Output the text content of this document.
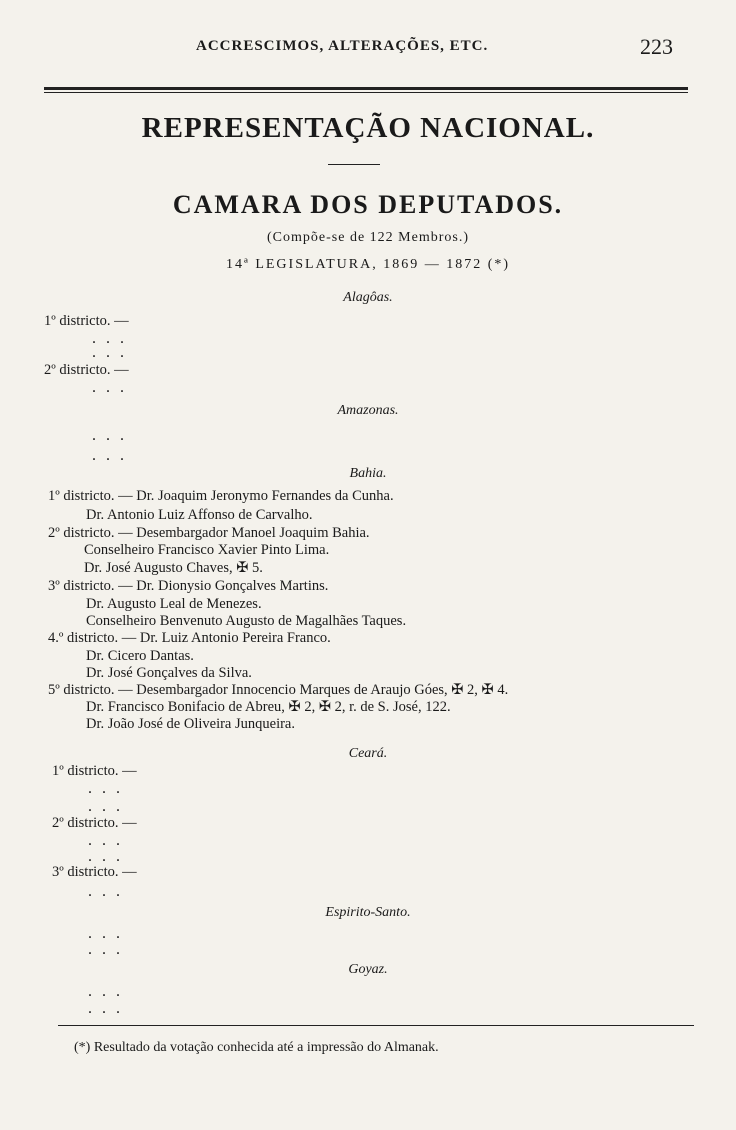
ACCRESCIMOS, ALTERAÇÕES, ETC.	223
REPRESENTAÇÃO NACIONAL.
CAMARA DOS DEPUTADOS.
(Compõe-se de 122 Membros.)
14ª LEGISLATURA, 1869 — 1872 (*)
Alagôas.
1º districto. —
...
...
2º districto. —
...
Amazonas.
...
...
Bahia.
1º districto. — Dr. Joaquim Jeronymo Fernandes da Cunha.
Dr. Antonio Luiz Affonso de Carvalho.
2º districto. — Desembargador Manoel Joaquim Bahia.
Conselheiro Francisco Xavier Pinto Lima.
Dr. José Augusto Chaves, ✠ 5.
3º districto. — Dr. Dionysio Gonçalves Martins.
Dr. Augusto Leal de Menezes.
Conselheiro Benvenuto Augusto de Magalhães Taques.
4.º districto. — Dr. Luiz Antonio Pereira Franco.
Dr. Cicero Dantas.
Dr. José Gonçalves da Silva.
5º districto. — Desembargador Innocencio Marques de Araujo Góes, ✠ 2, ✠ 4.
Dr. Francisco Bonifacio de Abreu, ✠ 2, ✠ 2, r. de S. José, 122.
Dr. João José de Oliveira Junqueira.
Ceará.
1º districto. —
...
...
2º districto. —
...
...
3º districto. —
...
Espirito-Santo.
...
...
Goyaz.
...
...
(*) Resultado da votação conhecida até a impressão do Almanak.
